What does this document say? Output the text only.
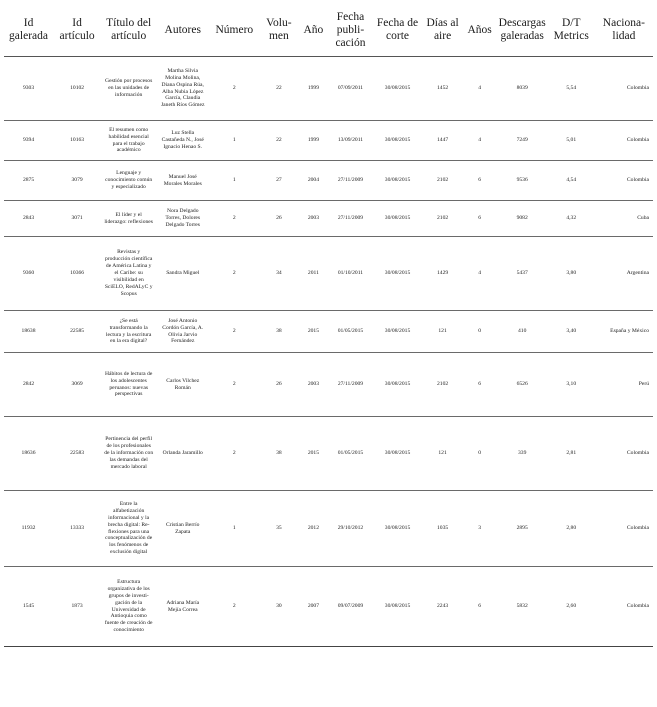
Id galerada	Id artículo	Título del artículo	Autores	Número	Volumen	Año	Fecha publicación	Fecha de corte	Días al aire	Años	Descargas galeradas	D/T Metrics	Nacionalidad
9303	10102	Gestión por procesos en las unidades de información	Martha Silvia Molina Molina, Diana Ospina Rúa, Alba Nubia López García, Claudia Janeth Ríos Gómez	2	22	1999	07/09/2011	30/08/2015	1452	4	8039	5,54	Colombia
9394	10163	El resumen como habilidad esencial para el trabajo académico	Luz Stella Castañeda N., José Ignacio Henao S.	1	22	1999	13/09/2011	30/08/2015	1447	4	7249	5,01	Colombia
2875	3079	Lenguaje y conocimiento común y especializado	Manuel José Morales Morales	1	27	2004	27/11/2009	30/08/2015	2102	6	9536	4,54	Colombia
2843	3071	El líder y el liderazgo: reflexiones	Nora Delgado Torres, Dolores Delgado Torres	2	26	2003	27/11/2009	30/08/2015	2102	6	9082	4,32	Cuba
9360	10366	Revistas y producción científica de América Latina y el Caribe: su visibilidad en SciELO, RedALyC y Scopus	Sandra Miguel	2	34	2011	01/10/2011	30/08/2015	1429	4	5437	3,80	Argentina
18638	22585	¿Se está transformando la lectura y la escritura en la era digital?	José Antonio Cordón García, A. Olivia Jarvio Fernández	2	38	2015	01/05/2015	30/08/2015	121	0	410	3,40	España y México
2842	3069	Hábitos de lectura de los adolescentes peruanos: nuevas perspectivas	Carlos Vilchez Román	2	26	2003	27/11/2009	30/08/2015	2102	6	6526	3,10	Perú
18636	22583	Pertinencia del perfil de los profesionales de la información con las demandas del mercado laboral	Orlanda Jaramillo	2	38	2015	01/05/2015	30/08/2015	121	0	339	2,81	Colombia
11932	13333	Entre la alfabetización informacional y la brecha digital: Reflexiones para una conceptualización de los fenómenos de exclusión digital	Cristian Berrío Zapata	1	35	2012	29/10/2012	30/08/2015	1035	3	2895	2,80	Colombia
1545	1873	Estructura organizativa de los grupos de investigación de la Universidad de Antioquia como fuente de creación de conocimiento	Adriana María Mejía Correa	2	30	2007	09/07/2009	30/08/2015	2243	6	5832	2,60	Colombia
